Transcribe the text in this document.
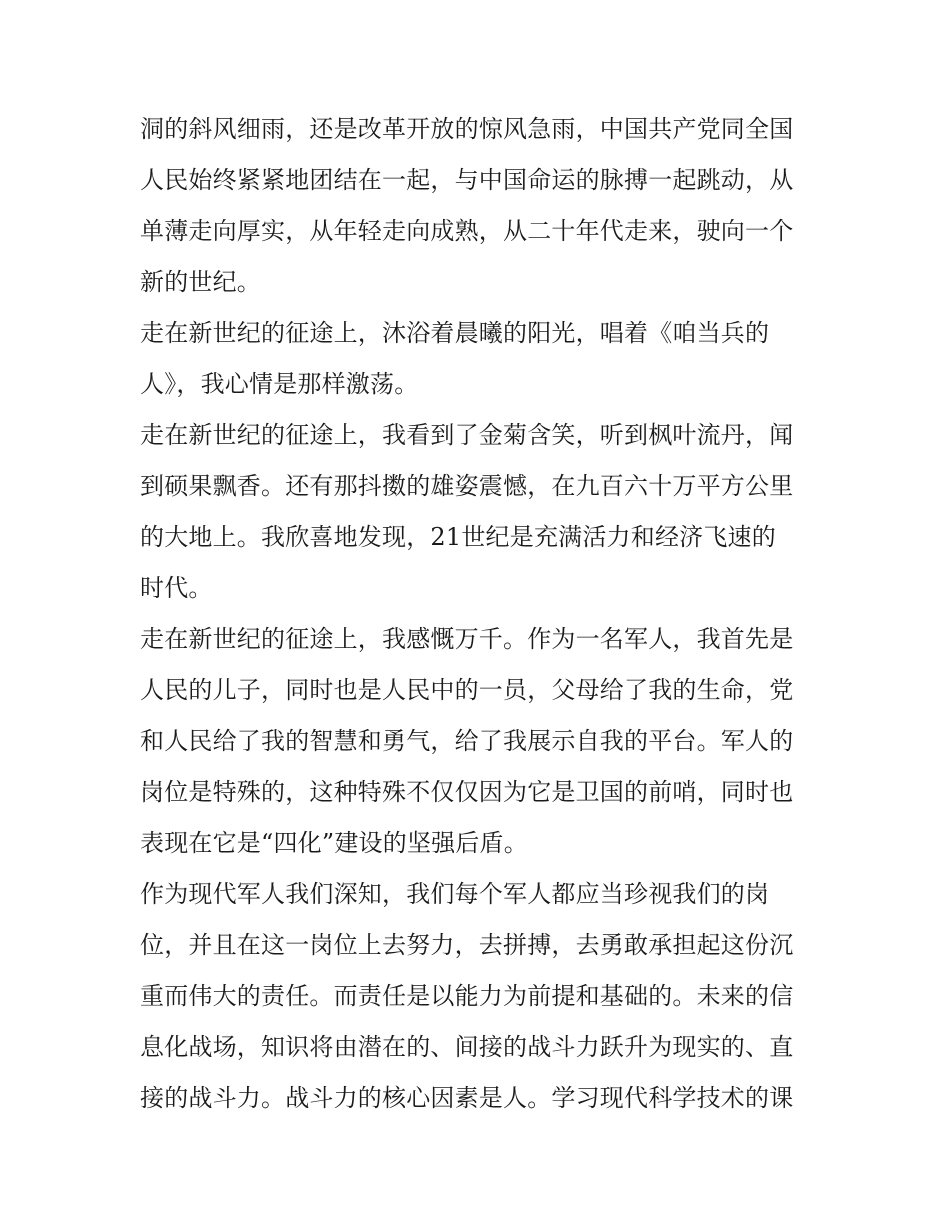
洞的斜风细雨，还是改革开放的惊风急雨，中国共产党同全国
人民始终紧紧地团结在一起，与中国命运的脉搏一起跳动，从
单薄走向厚实，从年轻走向成熟，从二十年代走来，驶向一个
新的世纪。
走在新世纪的征途上，沐浴着晨曦的阳光，唱着《咱当兵的
人》，我心情是那样激荡。
走在新世纪的征途上，我看到了金菊含笑，听到枫叶流丹，闻
到硕果飘香。还有那抖擞的雄姿震憾，在九百六十万平方公里
的大地上。我欣喜地发现，21世纪是充满活力和经济飞速的
时代。
走在新世纪的征途上，我感慨万千。作为一名军人，我首先是
人民的儿子，同时也是人民中的一员，父母给了我的生命，党
和人民给了我的智慧和勇气，给了我展示自我的平台。军人的
岗位是特殊的，这种特殊不仅仅因为它是卫国的前哨，同时也
表现在它是“四化”建设的坚强后盾。
作为现代军人我们深知，我们每个军人都应当珍视我们的岗
位，并且在这一岗位上去努力，去拼搏，去勇敢承担起这份沉
重而伟大的责任。而责任是以能力为前提和基础的。未来的信
息化战场，知识将由潜在的、间接的战斗力跃升为现实的、直
接的战斗力。战斗力的核心因素是人。学习现代科学技术的课
